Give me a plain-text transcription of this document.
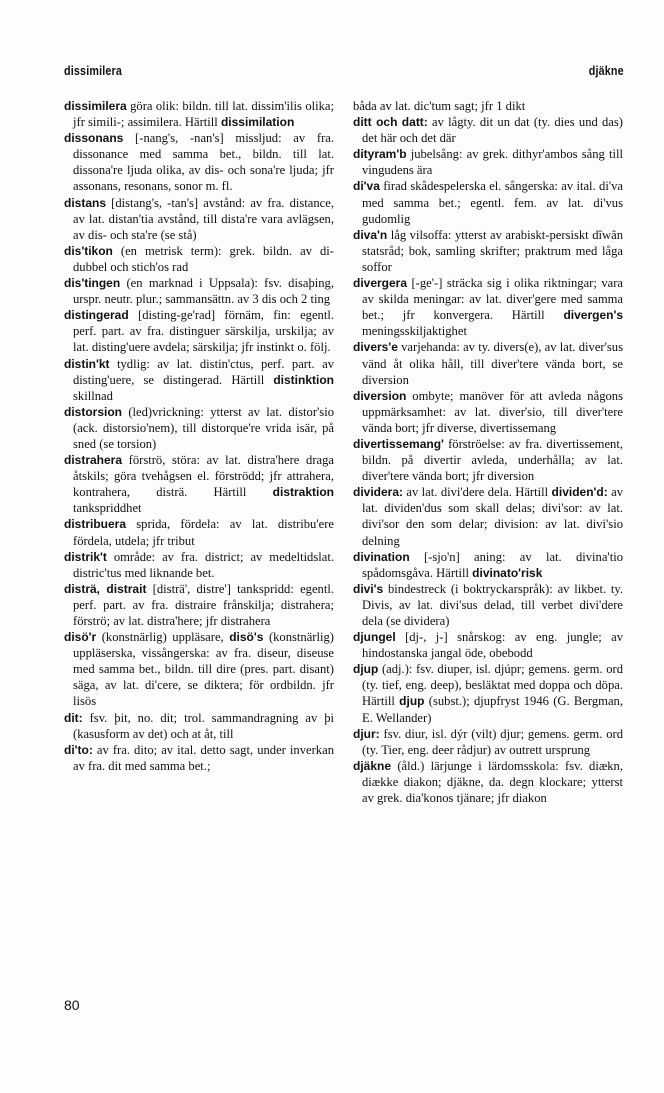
dissimilera	djäkne

dissimilera göra olik: bildn. till lat. dissim'ilis olika; jfr simili-; assimilera. Härtill dissimilation

dissonans [-nang's, -nan's] missljud: av fra. dissonance med samma bet., bildn. till lat. dissona're ljuda olika, av dis- och sona're ljuda; jfr assonans, resonans, sonor m. fl.

distans [distang's, -tan's] avstånd: av fra. distance, av lat. distan'tia avstånd, till dista're vara avlägsen, av dis- och sta're (se stå)

dis'tikon (en metrisk term): grek. bildn. av di- dubbel och stich'os rad

dis'tingen (en marknad i Uppsala): fsv. disaþing, urspr. neutr. plur.; sammansättn. av 3 dis och 2 ting

distingerad [disting-ge'rad] förnäm, fin: egentl. perf. part. av fra. distinguer särskilja, urskilja; av lat. disting'uere avdela; särskilja; jfr instinkt o. följ.

distin'kt tydlig: av lat. distin'ctus, perf. part. av disting'uere, se distingerad. Härtill distinktion skillnad

distorsion (led)vrickning: ytterst av lat. distor'sio (ack. distorsio'nem), till distorque're vrida isär, på sned (se torsion)

distrahera förströ, störa: av lat. distra'here draga åtskils; göra tvehågsen el. förströdd; jfr attrahera, kontrahera, disträ. Härtill distraktion tankspriddhet

distribuera sprida, fördela: av lat. distribu'ere fördela, utdela; jfr tribut

distrik't område: av fra. district; av medeltidslat. distric'tus med liknande bet.

disträ, distrait [disträ', distre'] tankspridd: egentl. perf. part. av fra. distraire frånskilja; distrahera; förströ; av lat. distra'here; jfr distrahera

disö'r (konstnärlig) uppläsare, disö's (konstnärlig) uppläserska, vissångerska: av fra. diseur, diseuse med samma bet., bildn. till dire (pres. part. disant) säga, av lat. di'cere, se diktera; för ordbildn. jfr lisös

dit: fsv. þit, no. dit; trol. sammandragning av þi (kasusform av det) och at åt, till

di'to: av fra. dito; av ital. detto sagt, under inverkan av fra. dit med samma bet.;

båda av lat. dic'tum sagt; jfr 1 dikt

ditt och datt: av lågty. dit un dat (ty. dies und das) det här och det där

dityram'b jubelsång: av grek. dithyr'ambos sång till vingudens ära

di'va firad skådespelerska el. sångerska: av ital. di'va med samma bet.; egentl. fem. av lat. di'vus gudomlig

diva'n låg vilsoffa: ytterst av arabiskt-persiskt dîwân statsråd; bok, samling skrifter; praktrum med låga soffor

divergera [-ge'-] sträcka sig i olika riktningar; vara av skilda meningar: av lat. diver'gere med samma bet.; jfr konvergera. Härtill divergen's meningsskiljaktighet

divers'e varjehanda: av ty. divers(e), av lat. diver'sus vänd åt olika håll, till diver'tere vända bort, se diversion

diversion ombyte; manöver för att avleda någons uppmärksamhet: av lat. diver'sio, till diver'tere vända bort; jfr diverse, divertissemang

divertissemang' förströelse: av fra. divertissement, bildn. på divertir avleda, underhålla; av lat. diver'tere vända bort; jfr diversion

dividera: av lat. divi'dere dela. Härtill dividen'd: av lat. dividen'dus som skall delas; divi'sor: av lat. divi'sor den som delar; division: av lat. divi'sio delning

divination [-sjo'n] aning: av lat. divina'tio spådomsgåva. Härtill divinato'risk

divi's bindestreck (i boktryckarspråk): av likbet. ty. Divis, av lat. divi'sus delad, till verbet divi'dere dela (se dividera)

djungel [dj-, j-] snårskog: av eng. jungle; av hindostanska jangal öde, obebodd

djup (adj.): fsv. diuper, isl. djúpr; gemens. germ. ord (ty. tief, eng. deep), besläktat med doppa och döpa. Härtill djup (subst.); djupfryst 1946 (G. Bergman, E. Wellander)

djur: fsv. diur, isl. dýr (vilt) djur; gemens. germ. ord (ty. Tier, eng. deer rådjur) av outrett ursprung

djäkne (åld.) lärjunge i lärdomsskola: fsv. diækn, diække diakon; djäkne, da. degn klockare; ytterst av grek. dia'konos tjänare; jfr diakon

80
